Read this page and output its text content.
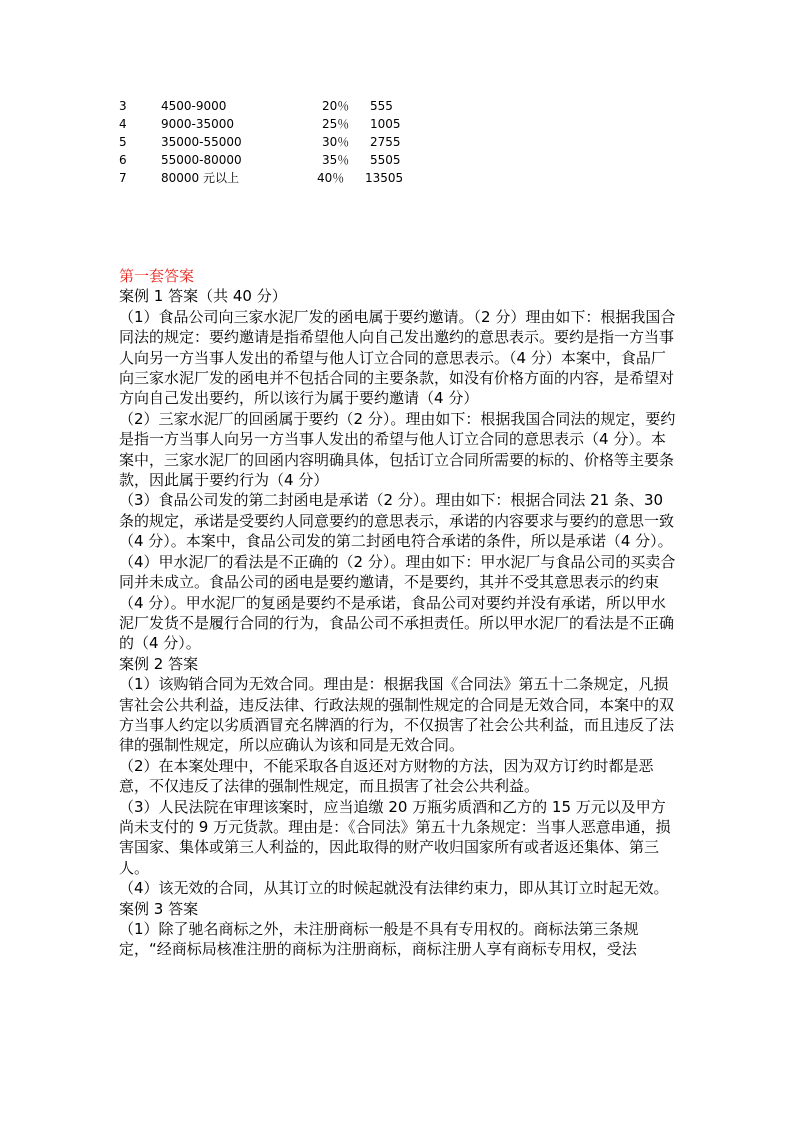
3	4500-9000	20％ 555
4	9000-35000	25％ 1005
5	35000-55000	30％ 2755
6	55000-80000	35％ 5505
7	80000 元以上	40％ 13505

第一套答案

案例 1 答案（共 40 分）

（1）食品公司向三家水泥厂发的函电属于要约邀请。（2 分）理由如下：根据我国合同法的规定：要约邀请是指希望他人向自己发出邀约的意思表示。要约是指一方当事人向另一方当事人发出的希望与他人订立合同的意思表示。（4 分）本案中，食品厂向三家水泥厂发的函电并不包括合同的主要条款，如没有价格方面的内容，是希望对方向自己发出要约，所以该行为属于要约邀请（4 分）

（2）三家水泥厂的回函属于要约（2 分）。理由如下：根据我国合同法的规定，要约是指一方当事人向另一方当事人发出的希望与他人订立合同的意思表示（4 分）。本案中，三家水泥厂的回函内容明确具体，包括订立合同所需要的标的、价格等主要条款，因此属于要约行为（4 分）

（3）食品公司发的第二封函电是承诺（2 分）。理由如下：根据合同法 21 条、30 条的规定，承诺是受要约人同意要约的意思表示，承诺的内容要求与要约的意思一致（4 分）。本案中，食品公司发的第二封函电符合承诺的条件，所以是承诺（4 分）。

（4）甲水泥厂的看法是不正确的（2 分）。理由如下：甲水泥厂与食品公司的买卖合同并未成立。食品公司的函电是要约邀请，不是要约，其并不受其意思表示的约束（4 分）。甲水泥厂的复函是要约不是承诺，食品公司对要约并没有承诺，所以甲水泥厂发货不是履行合同的行为，食品公司不承担责任。所以甲水泥厂的看法是不正确的（4 分）。

案例 2 答案

（1）该购销合同为无效合同。理由是：根据我国《合同法》第五十二条规定，凡损害社会公共利益，违反法律、行政法规的强制性规定的合同是无效合同，本案中的双方当事人约定以劣质酒冒充名牌酒的行为，不仅损害了社会公共利益，而且违反了法律的强制性规定，所以应确认为该和同是无效合同。

（2）在本案处理中，不能采取各自返还对方财物的方法，因为双方订约时都是恶意，不仅违反了法律的强制性规定，而且损害了社会公共利益。

（3）人民法院在审理该案时，应当追缴 20 万瓶劣质酒和乙方的 15 万元以及甲方尚未支付的 9 万元货款。理由是：《合同法》第五十九条规定：当事人恶意串通，损害国家、集体或第三人利益的，因此取得的财产收归国家所有或者返还集体、第三人。

（4）该无效的合同，从其订立的时候起就没有法律约束力，即从其订立时起无效。

案例 3 答案

（1）除了驰名商标之外，未注册商标一般是不具有专用权的。商标法第三条规定，“经商标局核准注册的商标为注册商标，商标注册人享有商标专用权，受法
